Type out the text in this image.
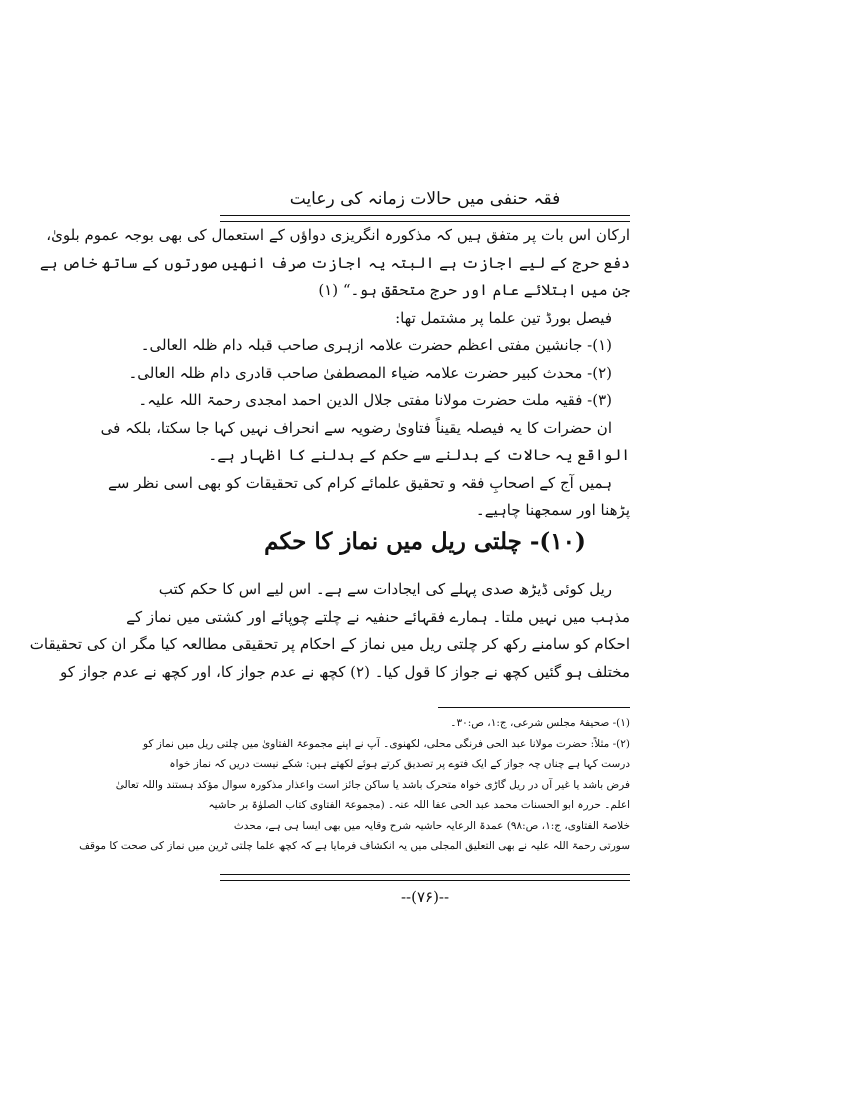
فقہ حنفی میں حالات زمانہ کی رعایت
ارکان اس بات پر متفق ہیں کہ مذکورہ انگریزی دواؤں کے استعمال کی بھی بوجہ عموم بلویٰ،
دفع حرج کے لیے اجازت ہے البتہ یہ اجازت صرف انھیں صورتوں کے ساتھ خاص ہے
جن میں ابتلائے عام اور حرج متحقق ہو۔“ (۱)
فیصل بورڈ تین علما پر مشتمل تھا:
(۱)- جانشین مفتی اعظم حضرت علامہ ازہری صاحب قبلہ دام ظلہ العالی۔
(۲)- محدث کبیر حضرت علامہ ضیاء المصطفیٰ صاحب قادری دام ظلہ العالی۔
(۳)- فقیہ ملت حضرت مولانا مفتی جلال الدین احمد امجدی رحمۃ اللہ علیہ۔
ان حضرات کا یہ فیصلہ یقیناً فتاویٰ رضویہ سے انحراف نہیں کہا جا سکتا، بلکہ فی
الواقع یہ حالات کے بدلنے سے حکم کے بدلنے کا اظہار ہے۔
ہمیں آج کے اصحابِ فقہ و تحقیق علمائے کرام کی تحقیقات کو بھی اسی نظر سے
پڑھنا اور سمجھنا چاہیے۔
(۱۰)- چلتی ریل میں نماز کا حکم
ریل کوئی ڈیڑھ صدی پہلے کی ایجادات سے ہے۔ اس لیے اس کا حکم کتب
مذہب میں نہیں ملتا۔ ہمارے فقہائے حنفیہ نے چلتے چوپائے اور کشتی میں نماز کے
احکام کو سامنے رکھ کر چلتی ریل میں نماز کے احکام پر تحقیقی مطالعہ کیا مگر ان کی تحقیقات
مختلف ہو گئیں کچھ نے جواز کا قول کیا۔ (۲) کچھ نے عدم جواز کا، اور کچھ نے عدم جواز کو
(۱)- صحیفۂ مجلس شرعی، ج:۱، ص:۳۰۔
(۲)- مثلاً: حضرت مولانا عبد الحی فرنگی محلی، لکھنوی۔ آپ نے اپنے مجموعۃ الفتاویٰ میں چلتی ریل میں نماز کو
درست کہا ہے چناں چہ جواز کے ایک فتوے پر تصدیق کرتے ہوئے لکھتے ہیں: شکے نیست دریں کہ نماز خواہ
فرض باشد یا غیر آں در ریل گاڑی خواہ متحرک باشد یا ساکن جائز است واعذار مذکورہ سوال مؤکد ہستند واللہ تعالیٰ
اعلم۔ حررہ ابو الحسنات محمد عبد الحی عفا اللہ عنہ۔ (مجموعۃ الفتاوی کتاب الصلوٰۃ بر حاشیہ
خلاصۃ الفتاوی، ج:۱، ص:۹۸) عمدۃ الرعایہ حاشیہ شرح وقایہ میں بھی ایسا ہی ہے، محدث
سورتی رحمۃ اللہ علیہ نے بھی التعلیق المجلی میں یہ انکشاف فرمایا ہے کہ کچھ علما چلتی ٹرین میں نماز کی صحت کا موقف
--(۷۶)--
